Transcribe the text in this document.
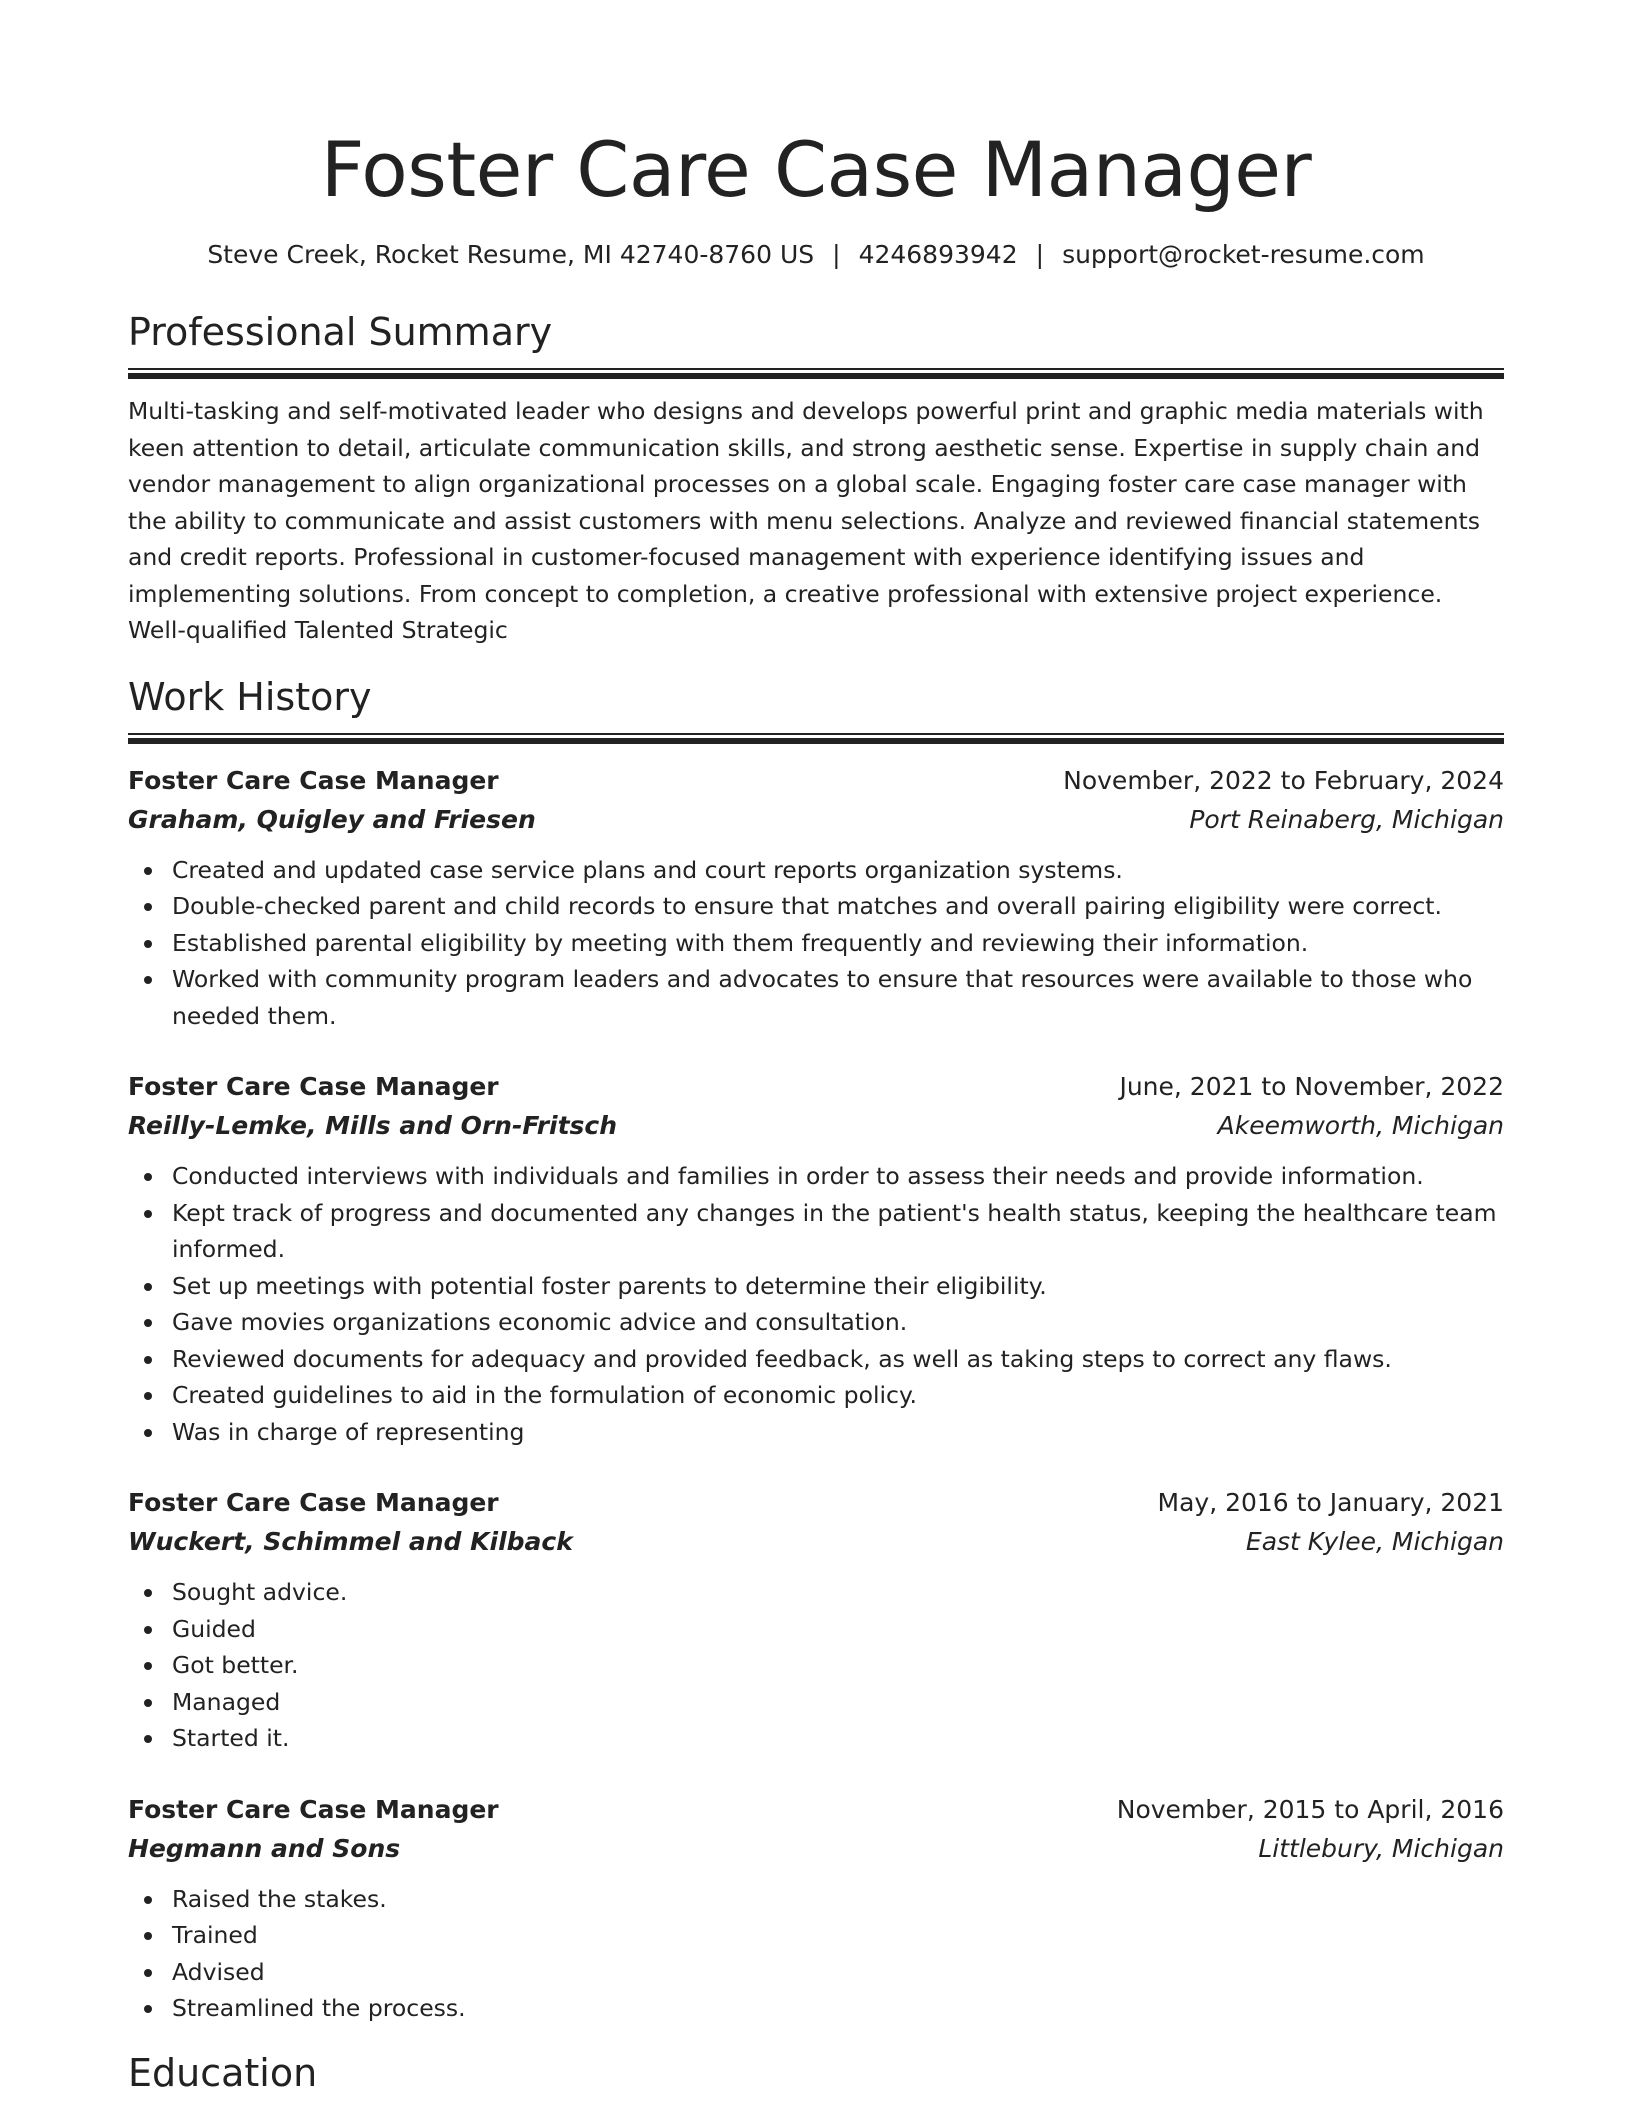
Foster Care Case Manager
Steve Creek, Rocket Resume, MI 42740-8760 US | 4246893942 | support@rocket-resume.com
Professional Summary

Multi-tasking and self-motivated leader who designs and develops powerful print and graphic media materials with keen attention to detail, articulate communication skills, and strong aesthetic sense. Expertise in supply chain and vendor management to align organizational processes on a global scale. Engaging foster care case manager with the ability to communicate and assist customers with menu selections. Analyze and reviewed financial statements and credit reports. Professional in customer-focused management with experience identifying issues and implementing solutions. From concept to completion, a creative professional with extensive project experience. Well-qualified Talented Strategic

Work History
Foster Care Case Manager	November, 2022 to February, 2024
Graham, Quigley and Friesen	Port Reinaberg, Michigan
Created and updated case service plans and court reports organization systems.
Double-checked parent and child records to ensure that matches and overall pairing eligibility were correct.
Established parental eligibility by meeting with them frequently and reviewing their information.
Worked with community program leaders and advocates to ensure that resources were available to those who needed them.
Foster Care Case Manager	June, 2021 to November, 2022
Reilly-Lemke, Mills and Orn-Fritsch	Akeemworth, Michigan
Conducted interviews with individuals and families in order to assess their needs and provide information.
Kept track of progress and documented any changes in the patient's health status, keeping the healthcare team informed.
Set up meetings with potential foster parents to determine their eligibility.
Gave movies organizations economic advice and consultation.
Reviewed documents for adequacy and provided feedback, as well as taking steps to correct any flaws.
Created guidelines to aid in the formulation of economic policy.
Was in charge of representing
Foster Care Case Manager	May, 2016 to January, 2021
Wuckert, Schimmel and Kilback	East Kylee, Michigan
Sought advice.
Guided
Got better.
Managed
Started it.
Foster Care Case Manager	November, 2015 to April, 2016
Hegmann and Sons	Littlebury, Michigan
Raised the stakes.
Trained
Advised
Streamlined the process.
Education
